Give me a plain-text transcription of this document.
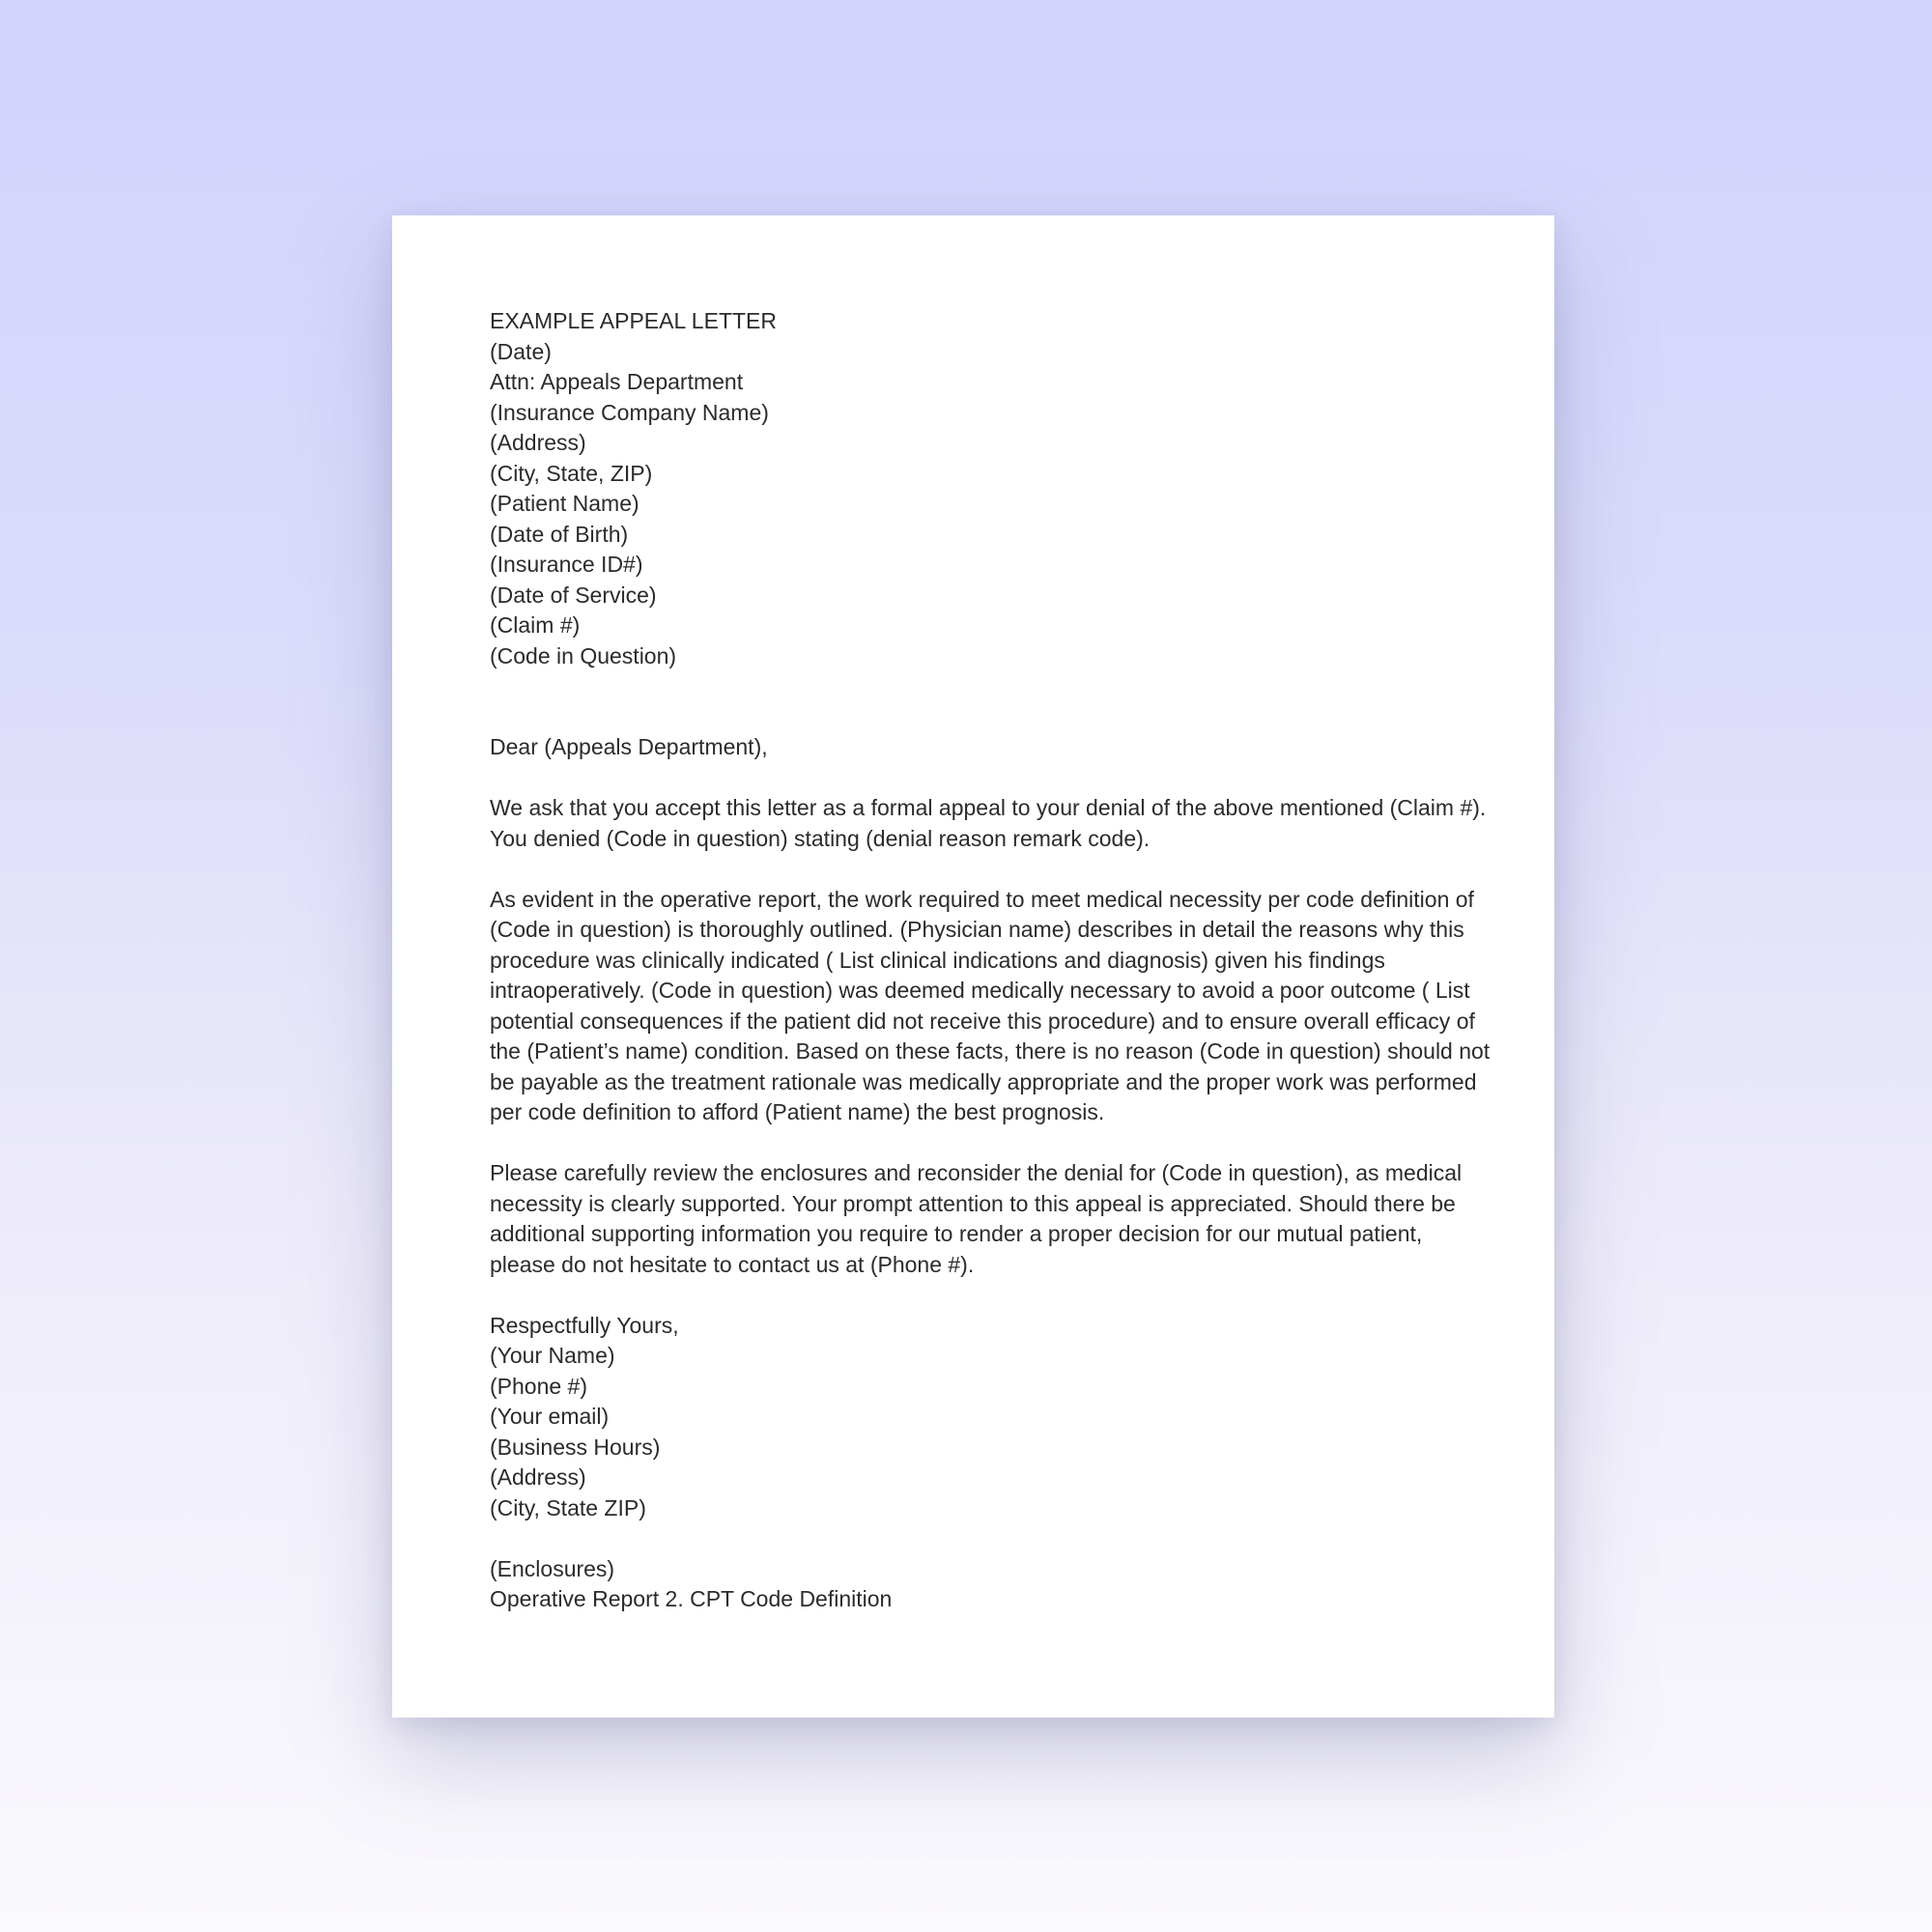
EXAMPLE APPEAL LETTER
(Date)
Attn: Appeals Department
(Insurance Company Name)
(Address)
(City, State, ZIP)
(Patient Name)
(Date of Birth)
(Insurance ID#)
(Date of Service)
(Claim #)
(Code in Question)
Dear (Appeals Department),
We ask that you accept this letter as a formal appeal to your denial of the above mentioned (Claim #).
You denied (Code in question) stating (denial reason remark code).
As evident in the operative report, the work required to meet medical necessity per code definition of
(Code in question) is thoroughly outlined. (Physician name) describes in detail the reasons why this
procedure was clinically indicated ( List clinical indications and diagnosis) given his findings
intraoperatively. (Code in question) was deemed medically necessary to avoid a poor outcome ( List
potential consequences if the patient did not receive this procedure) and to ensure overall efficacy of
the (Patient’s name) condition. Based on these facts, there is no reason (Code in question) should not
be payable as the treatment rationale was medically appropriate and the proper work was performed
per code definition to afford (Patient name) the best prognosis.
Please carefully review the enclosures and reconsider the denial for (Code in question), as medical
necessity is clearly supported. Your prompt attention to this appeal is appreciated. Should there be
additional supporting information you require to render a proper decision for our mutual patient,
please do not hesitate to contact us at (Phone #).
Respectfully Yours,
(Your Name)
(Phone #)
(Your email)
(Business Hours)
(Address)
(City, State ZIP)
(Enclosures)
Operative Report 2. CPT Code Definition
